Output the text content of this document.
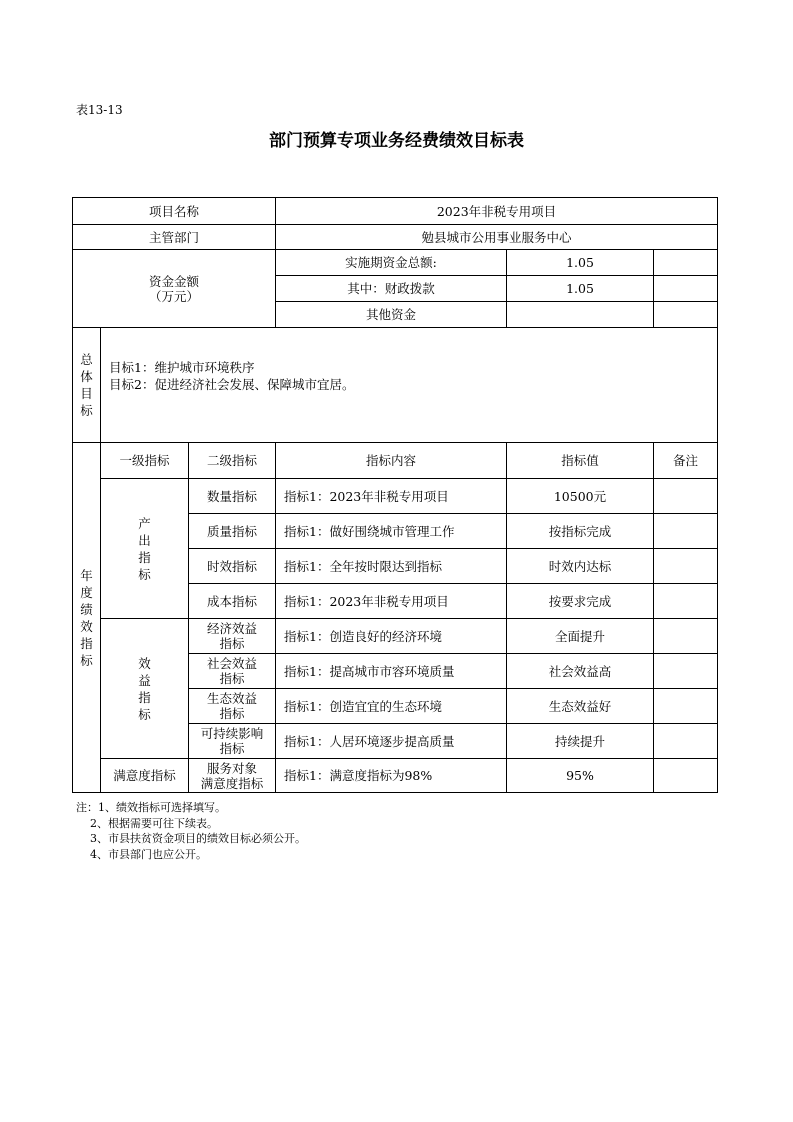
表13-13
部门预算专项业务经费绩效目标表
项目名称			2023年非税专用项目		
主管部门			勉县城市公用事业服务中心		

资金金额
（万元）			实施期资金总额:	1.05	
			其中：财政拨款	1.05	
			其他资金		

总体目标	目标1：维护城市环境秩序
目标2：促进经济社会发展、保障城市宜居。				

年度绩效指标	一级指标	二级指标	指标内容	指标值	备注

	产出指标	数量指标	指标1：2023年非税专用项目	10500元	
		质量指标	指标1：做好围绕城市管理工作	按指标完成	
		时效指标	指标1：全年按时限达到指标	时效内达标	
		成本指标	指标1：2023年非税专用项目	按要求完成	

	效益指标	经济效益
指标	指标1：创造良好的经济环境	全面提升	

		社会效益
指标	指标1：提高城市市容环境质量	社会效益高	

		生态效益
指标	指标1：创造宜宜的生态环境	生态效益好	

		可持续影响
指标	指标1：人居环境逐步提高质量	持续提升	
	满意度指标	服务对象
满意度指标	指标1：满意度指标为98%	95%	
注：1、绩效指标可选择填写。
2、根据需要可往下续表。
3、市县扶贫资金项目的绩效目标必须公开。
4、市县部门也应公开。
